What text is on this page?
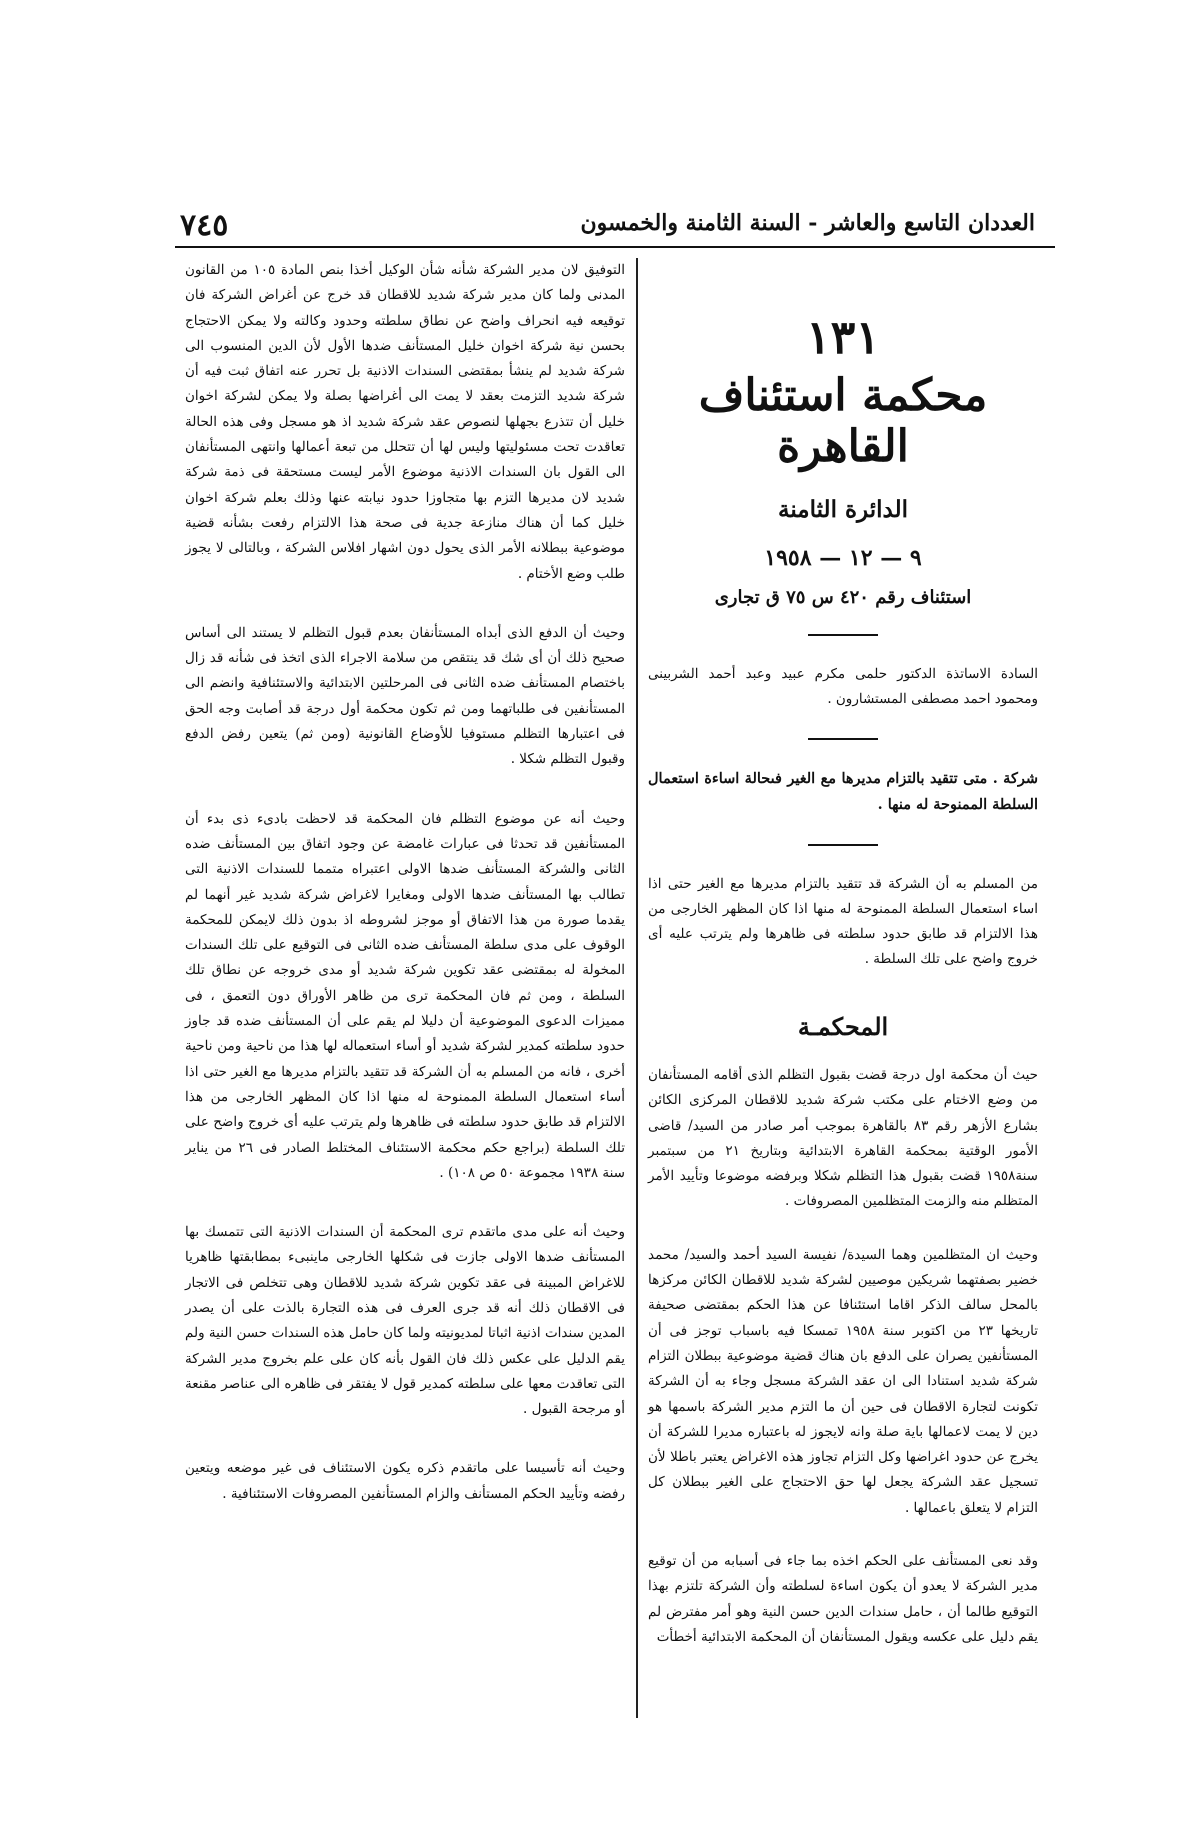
العددان التاسع والعاشر - السنة الثامنة والخمسون
٧٤٥
١٣١
محكمة استئناف القاهرة
الدائرة الثامنة
٩ — ١٢ — ١٩٥٨
استئناف رقم ٤٢٠ س ٧٥ ق تجارى

السادة الاساتذة الدكتور حلمى مكرم عبيد وعبد أحمد الشربينى ومحمود احمد مصطفى المستشارون .

شركة . متى تتقيد بالتزام مديرها مع الغير فىحالة اساءة استعمال السلطة الممنوحة له منها .

من المسلم به أن الشركة قد تتقيد بالتزام مديرها مع الغير حتى اذا اساء استعمال السلطة الممنوحة له منها اذا كان المظهر الخارجى من هذا الالتزام قد طابق حدود سلطته فى ظاهرها ولم يترتب عليه أى خروج واضح على تلك السلطة .

المحكمـة

حيث أن محكمة اول درجة قضت بقبول التظلم الذى أقامه المستأنفان من وضع الاختام على مكتب شركة شديد للاقطان المركزى الكائن بشارع الأزهر رقم ٨٣ بالقاهرة بموجب أمر صادر من السيد/ قاضى الأمور الوقتية بمحكمة القاهرة الابتدائية وبتاريخ ٢١ من سبتمبر سنة١٩٥٨ قضت بقبول هذا التظلم شكلا وبرفضه موضوعا وتأييد الأمر المتظلم منه والزمت المتظلمين المصروفات .

وحيث ان المتظلمين وهما السيدة/ نفيسة السيد أحمد والسيد/ محمد خضير بصفتهما شريكين موصيين لشركة شديد للاقطان الكائن مركزها بالمحل سالف الذكر اقاما استئنافا عن هذا الحكم بمقتضى صحيفة تاريخها ٢٣ من اكتوبر سنة ١٩٥٨ تمسكا فيه باسباب توجز فى أن المستأنفين يصران على الدفع بان هناك قضية موضوعية ببطلان التزام شركة شديد استنادا الى ان عقد الشركة مسجل وجاء به أن الشركة تكونت لتجارة الاقطان فى حين أن ما التزم مدير الشركة باسمها هو دين لا يمت لاعمالها باية صلة وانه لايجوز له باعتباره مديرا للشركة أن يخرج عن حدود اغراضها وكل التزام تجاوز هذه الاغراض يعتبر باطلا لأن تسجيل عقد الشركة يجعل لها حق الاحتجاج على الغير ببطلان كل التزام لا يتعلق باعمالها .

وقد نعى المستأنف على الحكم اخذه بما جاء فى أسبابه من أن توقيع مدير الشركة لا يعدو أن يكون اساءة لسلطته وأن الشركة تلتزم بهذا التوقيع طالما أن ، حامل سندات الدين حسن النية وهو أمر مفترض لم يقم دليل على عكسه ويقول المستأنفان أن المحكمة الابتدائية أخطأت

التوفيق لان مدير الشركة شأنه شأن الوكيل أخذا بنص المادة ١٠٥ من القانون المدنى ولما كان مدير شركة شديد للاقطان قد خرج عن أغراض الشركة فان توقيعه فيه انحراف واضح عن نطاق سلطته وحدود وكالته ولا يمكن الاحتجاج بحسن نية شركة اخوان خليل المستأنف ضدها الأول لأن الدين المنسوب الى شركة شديد لم ينشأ بمقتضى السندات الاذنية بل تحرر عنه اتفاق ثبت فيه أن شركة شديد التزمت بعقد لا يمت الى أغراضها بصلة ولا يمكن لشركة اخوان خليل أن تتذرع بجهلها لنصوص عقد شركة شديد اذ هو مسجل وفى هذه الحالة تعاقدت تحت مسئوليتها وليس لها أن تتحلل من تبعة أعمالها وانتهى المستأنفان الى القول بان السندات الاذنية موضوع الأمر ليست مستحقة فى ذمة شركة شديد لان مديرها التزم بها متجاوزا حدود نيابته عنها وذلك بعلم شركة اخوان خليل كما أن هناك منازعة جدية فى صحة هذا الالتزام رفعت بشأنه قضية موضوعية ببطلانه الأمر الذى يحول دون اشهار افلاس الشركة ، وبالتالى لا يجوز طلب وضع الأختام .

وحيث أن الدفع الذى أبداه المستأنفان بعدم قبول التظلم لا يستند الى أساس صحيح ذلك أن أى شك قد ينتقص من سلامة الاجراء الذى اتخذ فى شأنه قد زال باختصام المستأنف ضده الثانى فى المرحلتين الابتدائية والاستئنافية وانضم الى المستأنفين فى طلباتهما ومن ثم تكون محكمة أول درجة قد أصابت وجه الحق فى اعتبارها التظلم مستوفيا للأوضاع القانونية (ومن ثم) يتعين رفض الدفع وقبول التظلم شكلا .

وحيث أنه عن موضوع التظلم فان المحكمة قد لاحظت بادىء ذى بدء أن المستأنفين قد تحدثا فى عبارات غامضة عن وجود اتفاق بين المستأنف ضده الثانى والشركة المستأنف ضدها الاولى اعتبراه متمما للسندات الاذنية التى تطالب بها المستأنف ضدها الاولى ومغايرا لاغراض شركة شديد غير أنهما لم يقدما صورة من هذا الاتفاق أو موجز لشروطه اذ بدون ذلك لايمكن للمحكمة الوقوف على مدى سلطة المستأنف ضده الثانى فى التوقيع على تلك السندات المخولة له بمقتضى عقد تكوين شركة شديد أو مدى خروجه عن نطاق تلك السلطة ، ومن ثم فان المحكمة ترى من ظاهر الأوراق دون التعمق ، فى مميزات الدعوى الموضوعية أن دليلا لم يقم على أن المستأنف ضده قد جاوز حدود سلطته كمدير لشركة شديد أو أساء استعماله لها هذا من ناحية ومن ناحية أخرى ، فانه من المسلم به أن الشركة قد تتقيد بالتزام مديرها مع الغير حتى اذا أساء استعمال السلطة الممنوحة له منها اذا كان المظهر الخارجى من هذا الالتزام قد طابق حدود سلطته فى ظاهرها ولم يترتب عليه أى خروج واضح على تلك السلطة (براجع حكم محكمة الاستئناف المختلط الصادر فى ٢٦ من يناير سنة ١٩٣٨ مجموعة ٥٠ ص ١٠٨) .

وحيث أنه على مدى ماتقدم ترى المحكمة أن السندات الاذنية التى تتمسك بها المستأنف ضدها الاولى جازت فى شكلها الخارجى ماينبىء بمطابقتها ظاهريا للاغراض المبينة فى عقد تكوين شركة شديد للاقطان وهى تتخلص فى الاتجار فى الاقطان ذلك أنه قد جرى العرف فى هذه التجارة بالذت على أن يصدر المدين سندات اذنية اثباتا لمديونيته ولما كان حامل هذه السندات حسن النية ولم يقم الدليل على عكس ذلك فان القول بأنه كان على علم بخروج مدير الشركة التى تعاقدت معها على سلطته كمدير قول لا يفتقر فى ظاهره الى عناصر مقنعة أو مرجحة القبول .

وحيث أنه تأسيسا على ماتقدم ذكره يكون الاستئناف فى غير موضعه ويتعين رفضه وتأييد الحكم المستأنف والزام المستأنفين المصروفات الاستئنافية .
